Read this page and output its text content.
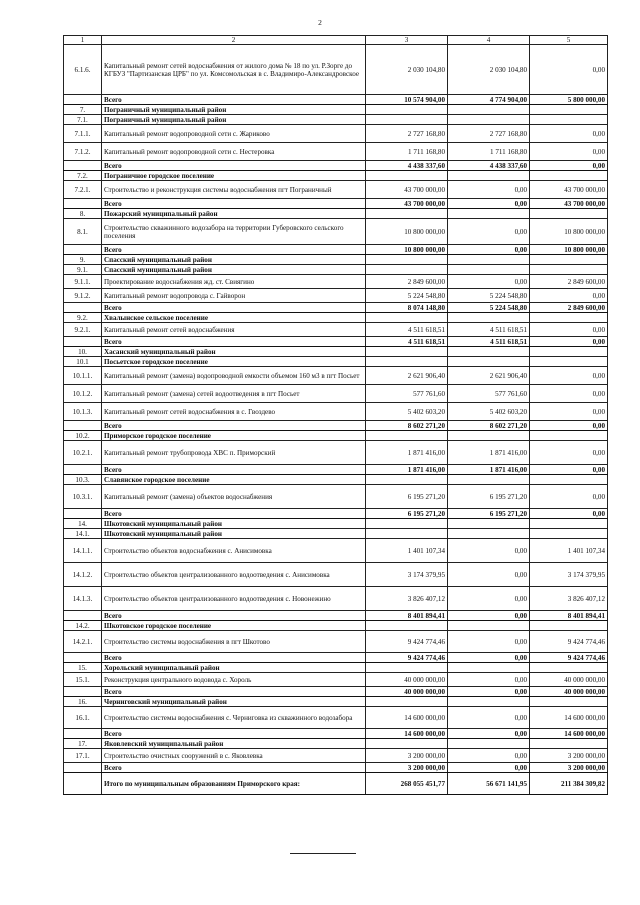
2
1	2	3	4	5
6.1.6.	Капитальный ремонт сетей водоснабжения от жилого дома № 18 по ул. Р.Зорге до КГБУЗ "Партизанская ЦРБ" по ул. Комсомольская в с. Владимиро-Александровское	2 030 104,80	2 030 104,80	0,00
	Всего	10 574 904,00	4 774 904,00	5 800 000,00
7.	Пограничный муниципальный район			
7.1.	Пограничный муниципальный район			
7.1.1.	Капитальный ремонт водопроводной сети с. Жариково	2 727 168,80	2 727 168,80	0,00
7.1.2.	Капитальный ремонт водопроводной сети с. Нестеровка	1 711 168,80	1 711 168,80	0,00
	Всего	4 438 337,60	4 438 337,60	0,00
7.2.	Пограничное городское поселение			
7.2.1.	Строительство и реконструкция системы водоснабжения пгт Пограничный	43 700 000,00	0,00	43 700 000,00
	Всего	43 700 000,00	0,00	43 700 000,00
8.	Пожарский муниципальный район			
8.1.	Строительство скважинного водозабора на территории Губеровского сельского поселения	10 800 000,00	0,00	10 800 000,00
	Всего	10 800 000,00	0,00	10 800 000,00
9.	Спасский муниципальный район			
9.1.	Спасский муниципальный район			
9.1.1.	Проектирование водоснабжения жд. ст. Свиягино	2 849 600,00	0,00	2 849 600,00
9.1.2.	Капитальный ремонт водопровода с. Гайворон	5 224 548,80	5 224 548,80	0,00
	Всего	8 074 148,80	5 224 548,80	2 849 600,00
9.2.	Хвалынское сельское поселение			
9.2.1.	Капитальный ремонт сетей водоснабжения	4 511 618,51	4 511 618,51	0,00
	Всего	4 511 618,51	4 511 618,51	0,00
10.	Хасанский муниципальный район			
10.1	Посьетское городское поселение			
10.1.1.	Капитальный ремонт (замена) водопроводной емкости объемом 160 м3 в пгт Посьет	2 621 906,40	2 621 906,40	0,00
10.1.2.	Капитальный ремонт (замена) сетей водоотведения в пгт Посьет	577 761,60	577 761,60	0,00
10.1.3.	Капитальный ремонт сетей водоснабжения в с. Гвоздево	5 402 603,20	5 402 603,20	0,00
	Всего	8 602 271,20	8 602 271,20	0,00
10.2.	Приморское городское поселение			
10.2.1.	Капитальный ремонт трубопровода ХВС п. Приморский	1 871 416,00	1 871 416,00	0,00
	Всего	1 871 416,00	1 871 416,00	0,00
10.3.	Славянское городское поселение			
10.3.1.	Капитальный ремонт (замена) объектов водоснабжения	6 195 271,20	6 195 271,20	0,00
	Всего	6 195 271,20	6 195 271,20	0,00
14.	Шкотовский муниципальный район			
14.1.	Шкотовский муниципальный район			
14.1.1.	Строительство объектов водоснабжения с. Анисимовка	1 401 107,34	0,00	1 401 107,34
14.1.2.	Строительство объектов централизованного водоотведения с. Анисимовка	3 174 379,95	0,00	3 174 379,95
14.1.3.	Строительство объектов централизованного водоотведения с. Новонежино	3 826 407,12	0,00	3 826 407,12
	Всего	8 401 894,41	0,00	8 401 894,41
14.2.	Шкотовское городское поселение			
14.2.1.	Строительство системы водоснабжения в пгт Шкотово	9 424 774,46	0,00	9 424 774,46
	Всего	9 424 774,46	0,00	9 424 774,46
15.	Хорольский муниципальный район			
15.1.	Реконструкция центрального водовода с. Хороль	40 000 000,00	0,00	40 000 000,00
	Всего	40 000 000,00	0,00	40 000 000,00
16.	Черниговский муниципальный район			
16.1.	Строительство системы водоснабжения с. Черниговка из скважинного водозабора	14 600 000,00	0,00	14 600 000,00
	Всего	14 600 000,00	0,00	14 600 000,00
17.	Яковлевский муниципальный район			
17.1.	Строительство очистных сооружений в с. Яковлевка	3 200 000,00	0,00	3 200 000,00
	Всего	3 200 000,00	0,00	3 200 000,00
	Итого по муниципальным образованиям Приморского края:	268 055 451,77	56 671 141,95	211 384 309,82
